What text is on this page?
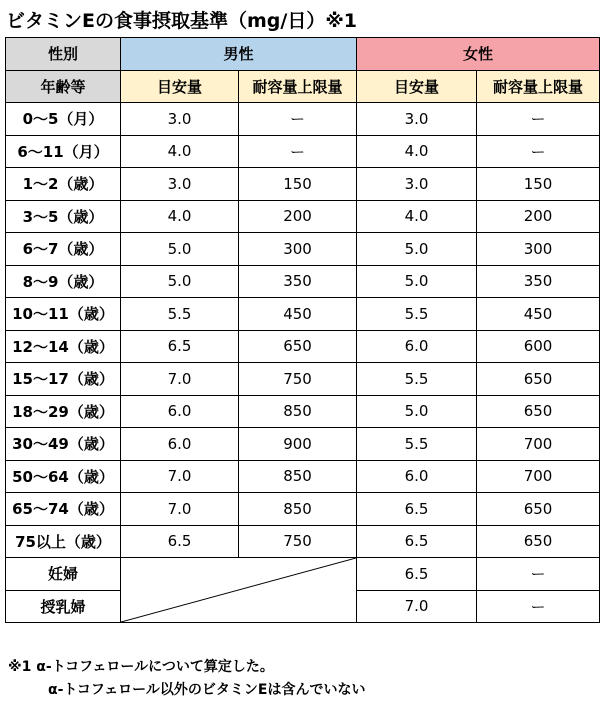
ビタミンEの食事摂取基準（mg/日）※1
性別	男性		女性	
年齢等	目安量	耐容量上限量	目安量	耐容量上限量
0～5（月）	3.0	ー	3.0	ー
6～11（月）	4.0	ー	4.0	ー
1～2（歳）	3.0	150	3.0	150
3～5（歳）	4.0	200	4.0	200
6～7（歳）	5.0	300	5.0	300
8～9（歳）	5.0	350	5.0	350
10～11（歳）	5.5	450	5.5	450
12～14（歳）	6.5	650	6.0	600
15～17（歳）	7.0	750	5.5	650
18～29（歳）	6.0	850	5.0	650
30～49（歳）	6.0	900	5.5	700
50～64（歳）	7.0	850	6.0	700
65～74（歳）	7.0	850	6.5	650
75以上（歳）	6.5	750	6.5	650
妊婦			6.5	ー
授乳婦			7.0	ー
※1 α-トコフェロールについて算定した。
α-トコフェロール以外のビタミンEは含んでいない
